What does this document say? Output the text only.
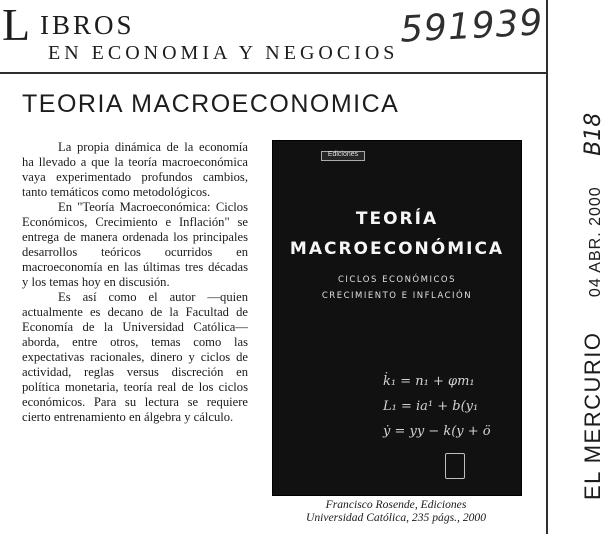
L IBROS
EN ECONOMIA Y NEGOCIOS
591939
TEORIA MACROECONOMICA

La propia dinámica de la economía ha llevado a que la teoría macroeconómica vaya experimentado profundos cambios, tanto temáticos como metodológicos.

En "Teoría Macroeconómica: Ciclos Económicos, Crecimiento e Inflación" se entrega de manera ordenada los principales desarrollos teóricos ocurridos en macroeconomía en las últimas tres décadas y los temas hoy en discusión.

Es así como el autor —quien actualmente es decano de la Facultad de Economía de la Universidad Católica— aborda, entre otros, temas como las expectativas racionales, dinero y ciclos de actividad, reglas versus discreción en política monetaria, teoría real de los ciclos económicos. Para su lectura se requiere cierto entrenamiento en álgebra y cálculo.

Ediciones
TEORÍA
MACROECONÓMICA
CICLOS ECONÓMICOS
CRECIMIENTO E INFLACIÓN
k̇₁ = n₁ + φm₁
L₁ = ia¹ + b(y₁
ẏ = yy − k(y + ö
Francisco Rosende, Ediciones
Universidad Católica, 235 págs., 2000
EL MERCURIO 04 ABR. 2000 B18
